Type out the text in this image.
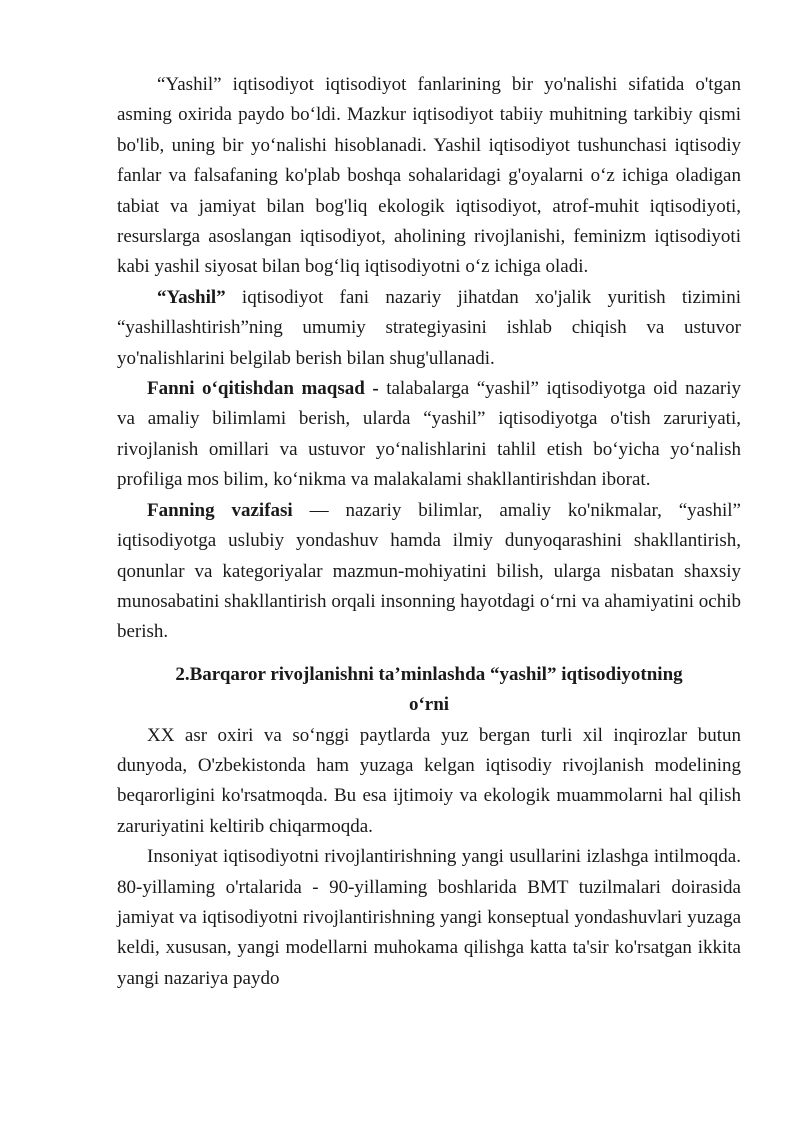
“Yashil” iqtisodiyot iqtisodiyot fanlarining bir yo'nalishi sifatida o'tgan asming oxirida paydo bo‘ldi. Mazkur iqtisodiyot tabiiy muhitning tarkibiy qismi bo'lib, uning bir yo‘nalishi hisoblanadi. Yashil iqtisodiyot tushunchasi iqtisodiy fanlar va falsafaning ko'plab boshqa sohalaridagi g'oyalarni o‘z ichiga oladigan tabiat va jamiyat bilan bog'liq ekologik iqtisodiyot, atrof-muhit iqtisodiyoti, resurslarga asoslangan iqtisodiyot, aholining rivojlanishi, feminizm iqtisodiyoti kabi yashil siyosat bilan bog‘liq iqtisodiyotni o‘z ichiga oladi.

“Yashil” iqtisodiyot fani nazariy jihatdan xo'jalik yuritish tizimini “yashillashtirish”ning umumiy strategiyasini ishlab chiqish va ustuvor yo'nalishlarini belgilab berish bilan shug'ullanadi.

Fanni o‘qitishdan maqsad - talabalarga “yashil” iqtisodiyotga oid nazariy va amaliy bilimlami berish, ularda “yashil” iqtisodiyotga o'tish zaruriyati, rivojlanish omillari va ustuvor yo‘nalishlarini tahlil etish bo‘yicha yo‘nalish profiliga mos bilim, ko‘nikma va malakalami shakllantirishdan iborat.

Fanning vazifasi — nazariy bilimlar, amaliy ko'nikmalar, “yashil” iqtisodiyotga uslubiy yondashuv hamda ilmiy dunyoqarashini shakllantirish, qonunlar va kategoriyalar mazmun-mohiyatini bilish, ularga nisbatan shaxsiy munosabatini shakllantirish orqali insonning hayotdagi o‘rni va ahamiyatini ochib berish.

2.Barqaror rivojlanishni ta’minlashda “yashil” iqtisodiyotning
o‘rni

XX asr oxiri va so‘nggi paytlarda yuz bergan turli xil inqirozlar butun dunyoda, O'zbekistonda ham yuzaga kelgan iqtisodiy rivojlanish modelining beqarorligini ko'rsatmoqda. Bu esa ijtimoiy va ekologik muammolarni hal qilish zaruriyatini keltirib chiqarmoqda.

Insoniyat iqtisodiyotni rivojlantirishning yangi usullarini izlashga intilmoqda. 80-yillaming o'rtalarida - 90-yillaming boshlarida BMT tuzilmalari doirasida jamiyat va iqtisodiyotni rivojlantirishning yangi konseptual yondashuvlari yuzaga keldi, xususan, yangi modellarni muhokama qilishga katta ta'sir ko'rsatgan ikkita yangi nazariya paydo
